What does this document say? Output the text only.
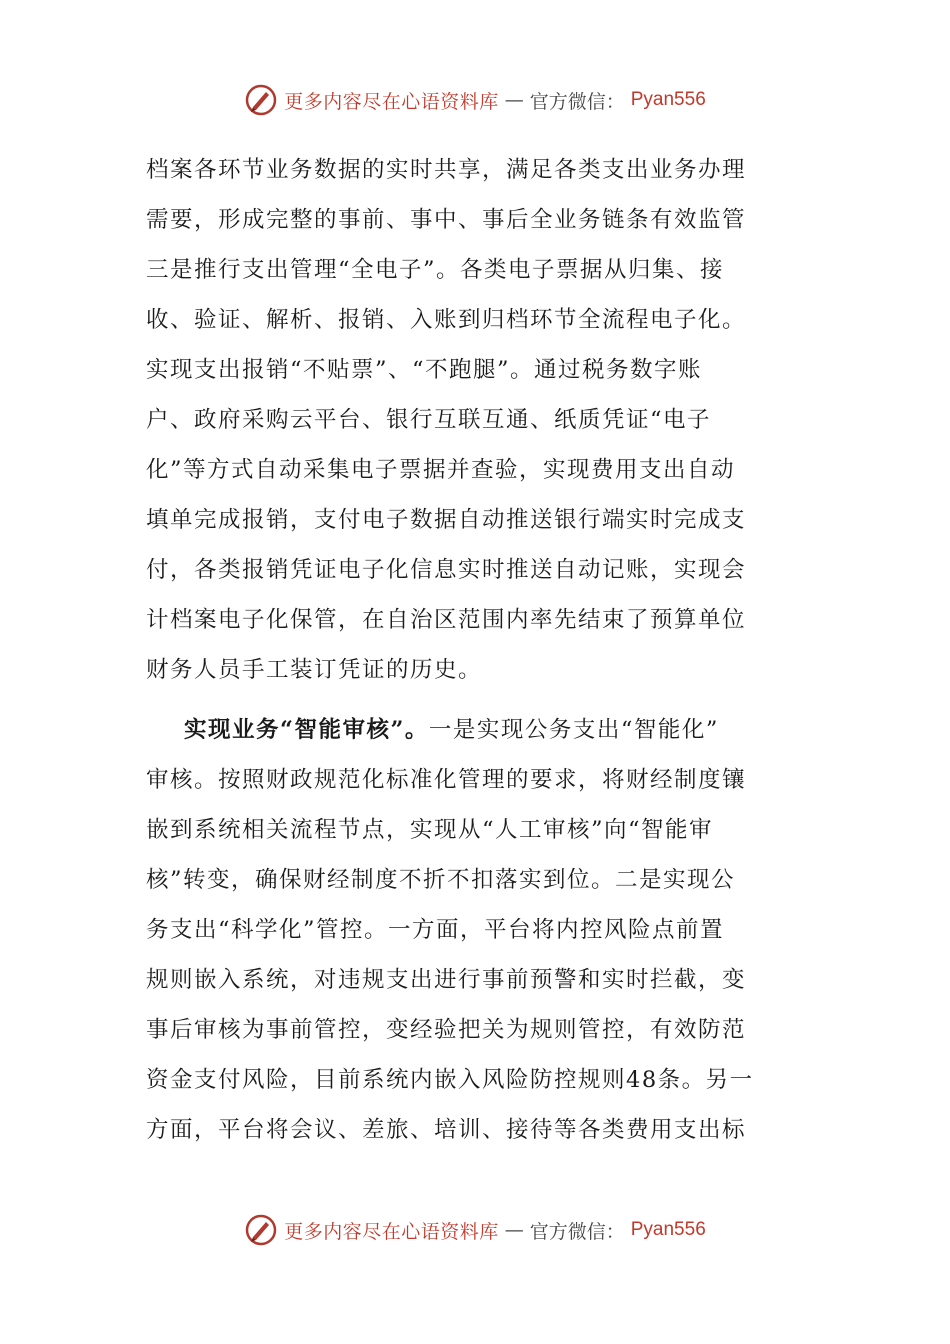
更多内容尽在心语资料库 — 官方微信： Pyan556
档案各环节业务数据的实时共享，满足各类支出业务办理
需要，形成完整的事前、事中、事后全业务链条有效监管
三是推行支出管理“全电子”。各类电子票据从归集、接
收、验证、解析、报销、入账到归档环节全流程电子化。
实现支出报销“不贴票”、“不跑腿”。通过税务数字账
户、政府采购云平台、银行互联互通、纸质凭证“电子
化”等方式自动采集电子票据并查验，实现费用支出自动
填单完成报销，支付电子数据自动推送银行端实时完成支
付，各类报销凭证电子化信息实时推送自动记账，实现会
计档案电子化保管，在自治区范围内率先结束了预算单位
财务人员手工装订凭证的历史。
实现业务“智能审核”。一是实现公务支出“智能化”
审核。按照财政规范化标准化管理的要求，将财经制度镶
嵌到系统相关流程节点，实现从“人工审核”向“智能审
核”转变，确保财经制度不折不扣落实到位。二是实现公
务支出“科学化”管控。一方面，平台将内控风险点前置
规则嵌入系统，对违规支出进行事前预警和实时拦截，变
事后审核为事前管控，变经验把关为规则管控，有效防范
资金支付风险，目前系统内嵌入风险防控规则48条。另一
方面，平台将会议、差旅、培训、接待等各类费用支出标
更多内容尽在心语资料库 — 官方微信： Pyan556
